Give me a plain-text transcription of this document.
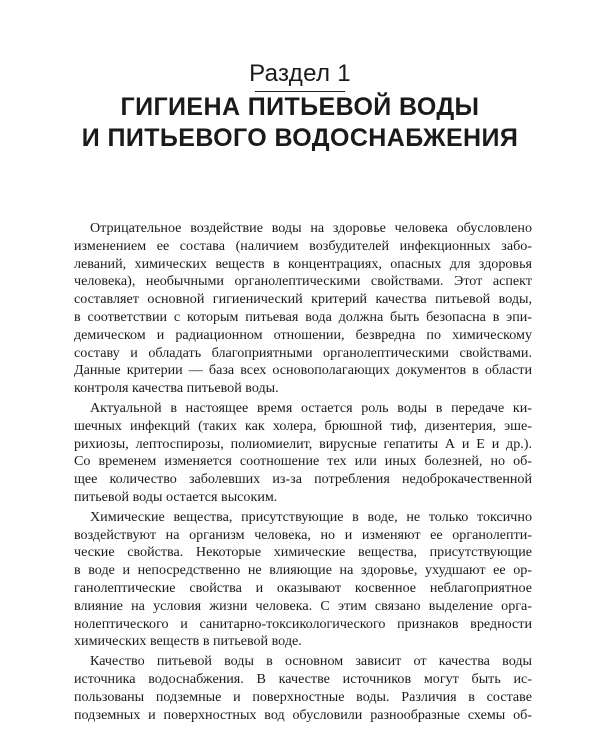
Раздел 1
ГИГИЕНА ПИТЬЕВОЙ ВОДЫ
И ПИТЬЕВОГО ВОДОСНАБЖЕНИЯ
Отрицательное воздействие воды на здоровье человека обусловлено
изменением ее состава (наличием возбудителей инфекционных забо-
леваний, химических веществ в концентрациях, опасных для здоровья
человека), необычными органолептическими свойствами. Этот аспект
составляет основной гигиенический критерий качества питьевой воды,
в соответствии с которым питьевая вода должна быть безопасна в эпи-
демическом и радиационном отношении, безвредна по химическому
составу и обладать благоприятными органолептическими свойствами.
Данные критерии — база всех основополагающих документов в области
контроля качества питьевой воды.
Актуальной в настоящее время остается роль воды в передаче ки-
шечных инфекций (таких как холера, брюшной тиф, дизентерия, эше-
рихиозы, лептоспирозы, полиомиелит, вирусные гепатиты А и Е и др.).
Со временем изменяется соотношение тех или иных болезней, но об-
щее количество заболевших из-за потребления недоброкачественной
питьевой воды остается высоким.
Химические вещества, присутствующие в воде, не только токсично
воздействуют на организм человека, но и изменяют ее органолепти-
ческие свойства. Некоторые химические вещества, присутствующие
в воде и непосредственно не влияющие на здоровье, ухудшают ее ор-
ганолептические свойства и оказывают косвенное неблагоприятное
влияние на условия жизни человека. С этим связано выделение орга-
нолептического и санитарно-токсикологического признаков вредности
химических веществ в питьевой воде.
Качество питьевой воды в основном зависит от качества воды
источника водоснабжения. В качестве источников могут быть ис-
пользованы подземные и поверхностные воды. Различия в составе
подземных и поверхностных вод обусловили разнообразные схемы об-
